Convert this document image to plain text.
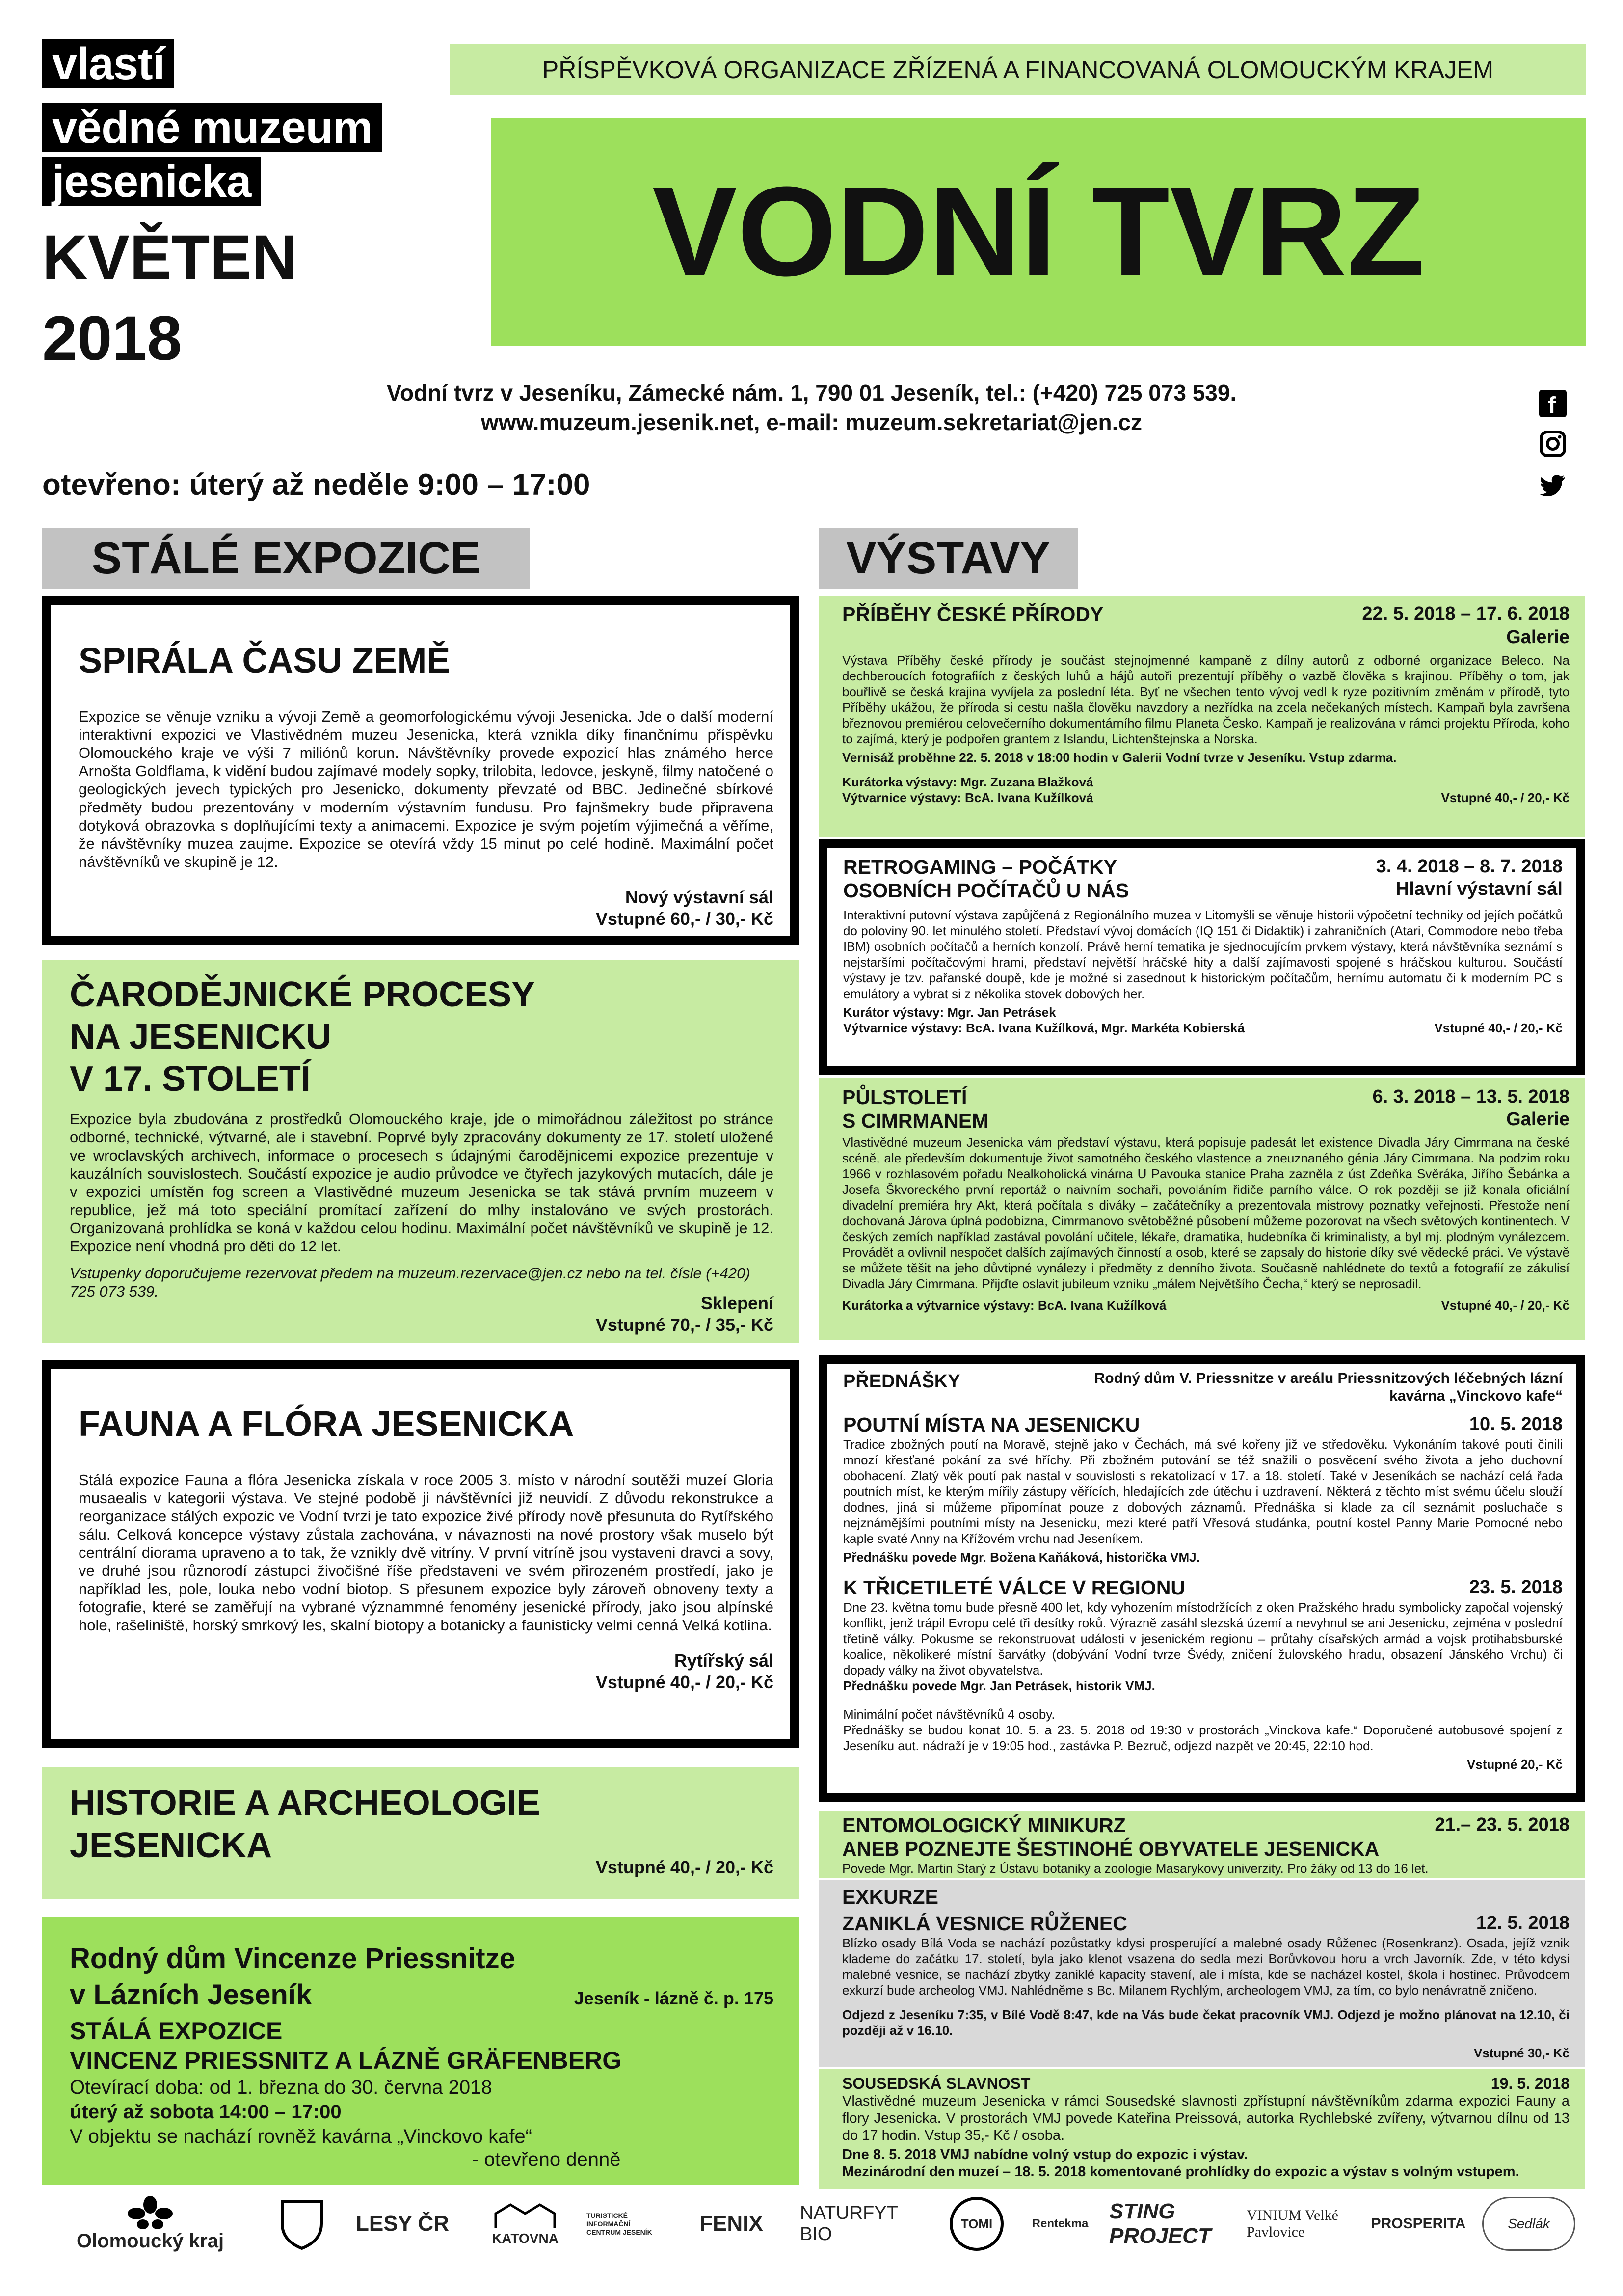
vlastí
vědné muzeum
jesenicka
KVĚTEN
2018
PŘÍSPĚVKOVÁ ORGANIZACE ZŘÍZENÁ A FINANCOVANÁ OLOMOUCKÝM KRAJEM
VODNÍ TVRZ
Vodní tvrz v Jeseníku, Zámecké nám. 1, 790 01 Jeseník, tel.: (+420) 725 073 539.
www.muzeum.jesenik.net, e-mail: muzeum.sekretariat@jen.cz
otevřeno: úterý až neděle 9:00 – 17:00
f
STÁLÉ EXPOZICE	VÝSTAVY
SPIRÁLA ČASU ZEMĚ
Expozice se věnuje vzniku a vývoji Země a geomorfologickému vývoji Jesenicka. Jde o další moderní interaktivní expozici ve Vlastivědném muzeu Jesenicka, která vznikla díky finančnímu příspěvku Olomouckého kraje ve výši 7 miliónů korun. Návštěvníky provede expozicí hlas známého herce Arnošta Goldflama, k vidění budou zajímavé modely sopky, trilobita, ledovce, jeskyně, filmy natočené o geologických jevech typických pro Jesenicko, dokumenty převzaté od BBC. Jedinečné sbírkové předměty budou prezentovány v moderním výstavním fundusu. Pro fajnšmekry bude připravena dotyková obrazovka s doplňujícími texty a animacemi. Expozice je svým pojetím výjimečná a věříme, že návštěvníky muzea zaujme. Expozice se otevírá vždy 15 minut po celé hodině. Maximální počet návštěvníků ve skupině je 12.
Nový výstavní sál
Vstupné 60,- / 30,- Kč
ČARODĚJNICKÉ PROCESY
NA JESENICKU
V 17. STOLETÍ
Expozice byla zbudována z prostředků Olomouckého kraje, jde o mimořádnou záležitost po stránce odborné, technické, výtvarné, ale i stavební. Poprvé byly zpracovány dokumenty ze 17. století uložené ve wroclavských archivech, informace o procesech s údajnými čarodějnicemi expozice prezentuje v kauzálních souvislostech. Součástí expozice je audio průvodce ve čtyřech jazykových mutacích, dále je v expozici umístěn fog screen a Vlastivědné muzeum Jesenicka se tak stává prvním muzeem v republice, jež má toto speciální promítací zařízení do mlhy instalováno ve svých prostorách. Organizovaná prohlídka se koná v každou celou hodinu. Maximální počet návštěvníků ve skupině je 12. Expozice není vhodná pro děti do 12 let.
Vstupenky doporučujeme rezervovat předem na muzeum.rezervace@jen.cz nebo na tel. čísle (+420) 725 073 539.
Sklepení
Vstupné 70,- / 35,- Kč
FAUNA A FLÓRA JESENICKA
Stálá expozice Fauna a flóra Jesenicka získala v roce 2005 3. místo v národní soutěži muzeí Gloria musaealis v kategorii výstava. Ve stejné podobě ji návštěvníci již neuvidí. Z důvodu rekonstrukce a reorganizace stálých expozic ve Vodní tvrzi je tato expozice živé přírody nově přesunuta do Rytířského sálu. Celková koncepce výstavy zůstala zachována, v návaznosti na nové prostory však muselo být centrální diorama upraveno a to tak, že vznikly dvě vitríny. V první vitríně jsou vystaveni dravci a sovy, ve druhé jsou různorodí zástupci živočišné říše představeni ve svém přirozeném prostředí, jako je například les, pole, louka nebo vodní biotop. S přesunem expozice byly zároveň obnoveny texty a fotografie, které se zaměřují na vybrané význammné fenomény jesenické přírody, jako jsou alpínské hole, rašeliniště, horský smrkový les, skalní biotopy a botanicky a faunisticky velmi cenná Velká kotlina.
Rytířský sál
Vstupné 40,- / 20,- Kč
HISTORIE A ARCHEOLOGIE
JESENICKA
Vstupné 40,- / 20,- Kč
Rodný dům Vincenze Priessnitze
v Lázních Jeseník	Jeseník - lázně č. p. 175
STÁLÁ EXPOZICE
VINCENZ PRIESSNITZ A LÁZNĚ GRÄFENBERG
Otevírací doba: od 1. března do 30. června 2018
úterý až sobota 14:00 – 17:00
V objektu se nachází rovněž kavárna „Vinckovo kafe“
- otevřeno denně
PŘÍBĚHY ČESKÉ PŘÍRODY	22. 5. 2018 – 17. 6. 2018
Galerie
Výstava Příběhy české přírody je součást stejnojmenné kampaně z dílny autorů z odborné organizace Beleco. Na dechberoucích fotografiích z českých luhů a hájů autoři prezentují příběhy o vazbě člověka s krajinou. Příběhy o tom, jak bouřlivě se česká krajina vyvíjela za poslední léta. Byť ne všechen tento vývoj vedl k ryze pozitivním změnám v přírodě, tyto Příběhy ukážou, že příroda si cestu našla člověku navzdory a nezřídka na zcela nečekaných místech. Kampaň byla završena březnovou premiérou celovečerního dokumentárního filmu Planeta Česko. Kampaň je realizována v rámci projektu Příroda, koho to zajímá, který je podpořen grantem z Islandu, Lichtenštejnska a Norska.
Vernisáž proběhne 22. 5. 2018 v 18:00 hodin v Galerii Vodní tvrze v Jeseníku. Vstup zdarma.
Kurátorka výstavy: Mgr. Zuzana Blažková
Výtvarnice výstavy: BcA. Ivana Kužílková	Vstupné 40,- / 20,- Kč
RETROGAMING – POČÁTKY
OSOBNÍCH POČÍTAČŮ U NÁS
3. 4. 2018 – 8. 7. 2018
Hlavní výstavní sál
Interaktivní putovní výstava zapůjčená z Regionálního muzea v Litomyšli se věnuje historii výpočetní techniky od jejích počátků do poloviny 90. let minulého století. Představí vývoj domácích (IQ 151 či Didaktik) i zahraničních (Atari, Commodore nebo třeba IBM) osobních počítačů a herních konzolí. Právě herní tematika je sjednocujícím prvkem výstavy, která návštěvníka seznámí s nejstaršími počítačovými hrami, představí největší hráčské hity a další zajímavosti spojené s hráčskou kulturou. Součástí výstavy je tzv. pařanské doupě, kde je možné si zasednout k historickým počítačům, hernímu automatu či k moderním PC s emulátory a vybrat si z několika stovek dobových her.
Kurátor výstavy: Mgr. Jan Petrásek
Výtvarnice výstavy: BcA. Ivana Kužílková, Mgr. Markéta Kobierská	Vstupné 40,- / 20,- Kč
PŮLSTOLETÍ
S CIMRMANEM
6. 3. 2018 – 13. 5. 2018
Galerie
Vlastivědné muzeum Jesenicka vám představí výstavu, která popisuje padesát let existence Divadla Járy Cimrmana na české scéně, ale především dokumentuje život samotného českého vlastence a zneuznaného génia Járy Cimrmana. Na podzim roku 1966 v rozhlasovém pořadu Nealkoholická vinárna U Pavouka stanice Praha zazněla z úst Zdeňka Svěráka, Jiřího Šebánka a Josefa Škvoreckého první reportáž o naivním sochaři, povoláním řidiče parního válce. O rok později se již konala oficiální divadelní premiéra hry Akt, která počítala s diváky – začátečníky a prezentovala mistrovy poznatky veřejnosti. Přestože není dochovaná Járova úplná podobizna, Cimrmanovo světoběžné působení můžeme pozorovat na všech světových kontinentech. V českých zemích například zastával povolání učitele, lékaře, dramatika, hudebníka či kriminalisty, a byl mj. plodným vynálezcem. Provádět a ovlivnil nespočet dalších zajímavých činností a osob, které se zapsaly do historie díky své vědecké práci. Ve výstavě se můžete těšit na jeho důvtipné vynálezy i předměty z denního života. Současně nahlédnete do textů a fotografií ze zákulisí Divadla Járy Cimrmana. Přijďte oslavit jubileum vzniku „málem Největšího Čecha,“ který se neprosadil.
Kurátorka a výtvarnice výstavy: BcA. Ivana Kužílková	Vstupné 40,- / 20,- Kč
PŘEDNÁŠKY	Rodný dům V. Priessnitze v areálu Priessnitzových léčebných lázní
kavárna „Vinckovo kafe“
POUTNÍ MÍSTA NA JESENICKU	10. 5. 2018
Tradice zbožných poutí na Moravě, stejně jako v Čechách, má své kořeny již ve středověku. Vykonáním takové pouti činili mnozí křesťané pokání za své hříchy. Při zbožném putování se též snažili o posvěcení svého života a jeho duchovní obohacení. Zlatý věk poutí pak nastal v souvislosti s rekatolizací v 17. a 18. století. Také v Jeseníkách se nachází celá řada poutních míst, ke kterým mířily zástupy věřících, hledajících zde útěchu i uzdravení. Některá z těchto míst svému účelu slouží dodnes, jiná si můžeme připomínat pouze z dobových záznamů. Přednáška si klade za cíl seznámit posluchače s nejznámějšími poutními místy na Jesenicku, mezi které patří Vřesová studánka, poutní kostel Panny Marie Pomocné nebo kaple svaté Anny na Křížovém vrchu nad Jeseníkem.
Přednášku povede Mgr. Božena Kaňáková, historička VMJ.
K TŘICETILETÉ VÁLCE V REGIONU	23. 5. 2018
Dne 23. května tomu bude přesně 400 let, kdy vyhozením místodržících z oken Pražského hradu symbolicky započal vojenský konflikt, jenž trápil Evropu celé tři desítky roků. Výrazně zasáhl slezská území a nevyhnul se ani Jesenicku, zejména v poslední třetině války. Pokusme se rekonstruovat události v jesenickém regionu – průtahy císařských armád a vojsk protihabsburské koalice, několikeré místní šarvátky (dobývání Vodní tvrze Švédy, zničení žulovského hradu, obsazení Jánského Vrchu) či dopady války na život obyvatelstva.
Přednášku povede Mgr. Jan Petrásek, historik VMJ.
Minimální počet návštěvníků 4 osoby.
Přednášky se budou konat 10. 5. a 23. 5. 2018 od 19:30 v prostorách „Vinckova kafe.“ Doporučené autobusové spojení z Jeseníku aut. nádraží je v 19:05 hod., zastávka P. Bezruč, odjezd nazpět ve 20:45, 22:10 hod.
Vstupné 20,- Kč
ENTOMOLOGICKÝ MINIKURZ	21.– 23. 5. 2018
ANEB POZNEJTE ŠESTINOHÉ OBYVATELE JESENICKA
Povede Mgr. Martin Starý z Ústavu botaniky a zoologie Masarykovy univerzity. Pro žáky od 13 do 16 let.
EXKURZE
ZANIKLÁ VESNICE RŮŽENEC	12. 5. 2018
Blízko osady Bílá Voda se nachází pozůstatky kdysi prosperující a malebné osady Růženec (Rosenkranz). Osada, jejíž vznik klademe do začátku 17. století, byla jako klenot vsazena do sedla mezi Borůvkovou horu a vrch Javorník. Zde, v této kdysi malebné vesnice, se nachází zbytky zaniklé kapacity stavení, ale i místa, kde se nacházel kostel, škola i hostinec. Průvodcem exkurzí bude archeolog VMJ. Nahlédněme s Bc. Milanem Rychlým, archeologem VMJ, za tím, co bylo nenávratně zničeno.
Odjezd z Jeseníku 7:35, v Bílé Vodě 8:47, kde na Vás bude čekat pracovník VMJ. Odjezd je možno plánovat na 12.10, či později až v 16.10.
Vstupné 30,- Kč
SOUSEDSKÁ SLAVNOST	19. 5. 2018
Vlastivědné muzeum Jesenicka v rámci Sousedské slavnosti zpřístupní návštěvníkům zdarma expozici Fauny a flory Jesenicka. V prostorách VMJ povede Kateřina Preissová, autorka Rychlebské zvířeny, výtvarnou dílnu od 13 do 17 hodin. Vstup 35,- Kč / osoba.
Dne 8. 5. 2018 VMJ nabídne volný vstup do expozic i výstav.
Mezinárodní den muzeí – 18. 5. 2018 komentované prohlídky do expozic a výstav s volným vstupem.
Olomoucký kraj
LESY ČR
KATOVNA
TURISTICKÉ INFORMAČNÍ CENTRUM JESENÍK	FENIX	NATURFYT BIO
TOMI	Rentekma
STING PROJECT
VINIUM Velké Pavlovice
PROSPERITA	Sedlák
